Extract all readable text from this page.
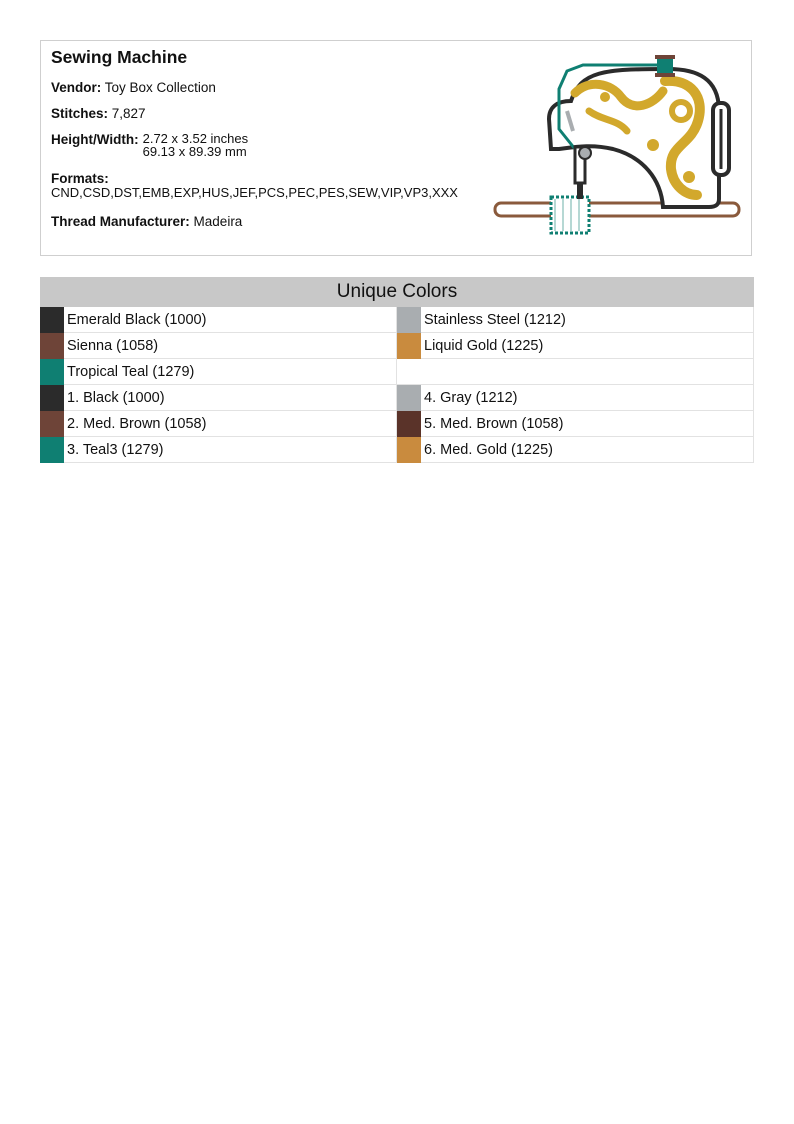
Sewing Machine
Vendor: Toy Box Collection
Stitches: 7,827
Height/Width: 2.72 x 3.52 inches
69.13 x 89.39 mm
Formats:
CND,CSD,DST,EMB,EXP,HUS,JEF,PCS,PEC,PES,SEW,VIP,VP3,XXX
Thread Manufacturer: Madeira
Unique Colors
Emerald Black (1000)	Stainless Steel (1212)
Sienna (1058)	Liquid Gold (1225)
Tropical Teal (1279)
1. Black (1000)	4. Gray (1212)
2. Med. Brown (1058)	5. Med. Brown (1058)
3. Teal3 (1279)	6. Med. Gold (1225)
